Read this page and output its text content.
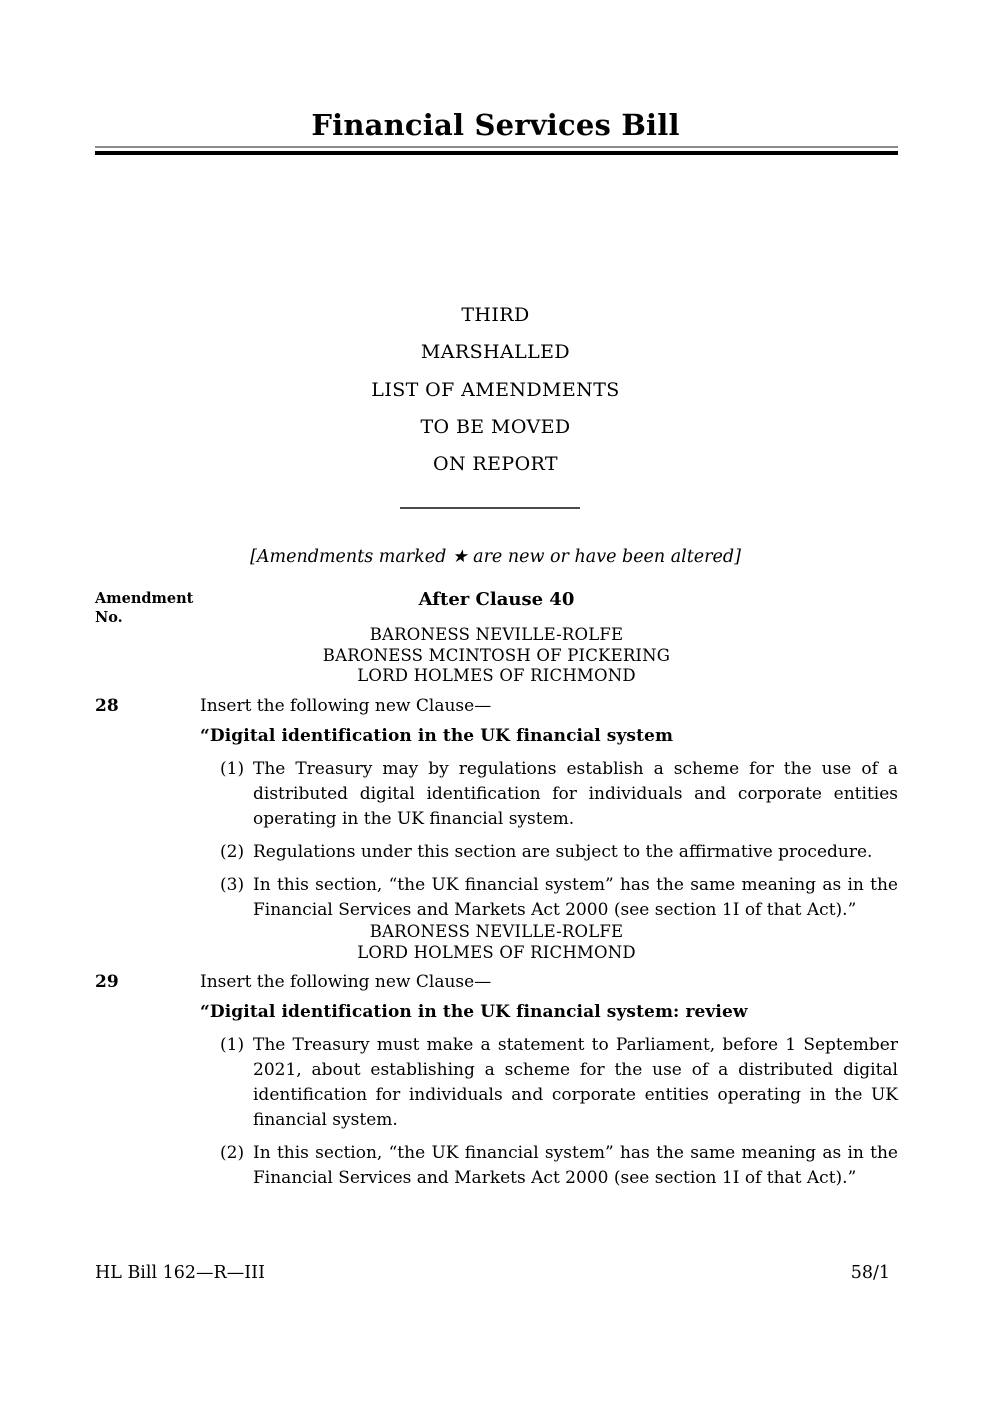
Financial Services Bill
THIRD
MARSHALLED
LIST OF AMENDMENTS
TO BE MOVED
ON REPORT
[Amendments marked ★ are new or have been altered]
Amendment
No.
After Clause 40
BARONESS NEVILLE-ROLFE
BARONESS MCINTOSH OF PICKERING
LORD HOLMES OF RICHMOND
28	Insert the following new Clause—
“Digital identification in the UK financial system
(1) The Treasury may by regulations establish a scheme for the use of a distributed digital identification for individuals and corporate entities operating in the UK financial system.
(2) Regulations under this section are subject to the affirmative procedure.
(3) In this section, “the UK financial system” has the same meaning as in the Financial Services and Markets Act 2000 (see section 1I of that Act).”
BARONESS NEVILLE-ROLFE
LORD HOLMES OF RICHMOND
29	Insert the following new Clause—
“Digital identification in the UK financial system: review
(1) The Treasury must make a statement to Parliament, before 1 September 2021, about establishing a scheme for the use of a distributed digital identification for individuals and corporate entities operating in the UK financial system.
(2) In this section, “the UK financial system” has the same meaning as in the Financial Services and Markets Act 2000 (see section 1I of that Act).”
HL Bill 162—R—III	58/1
